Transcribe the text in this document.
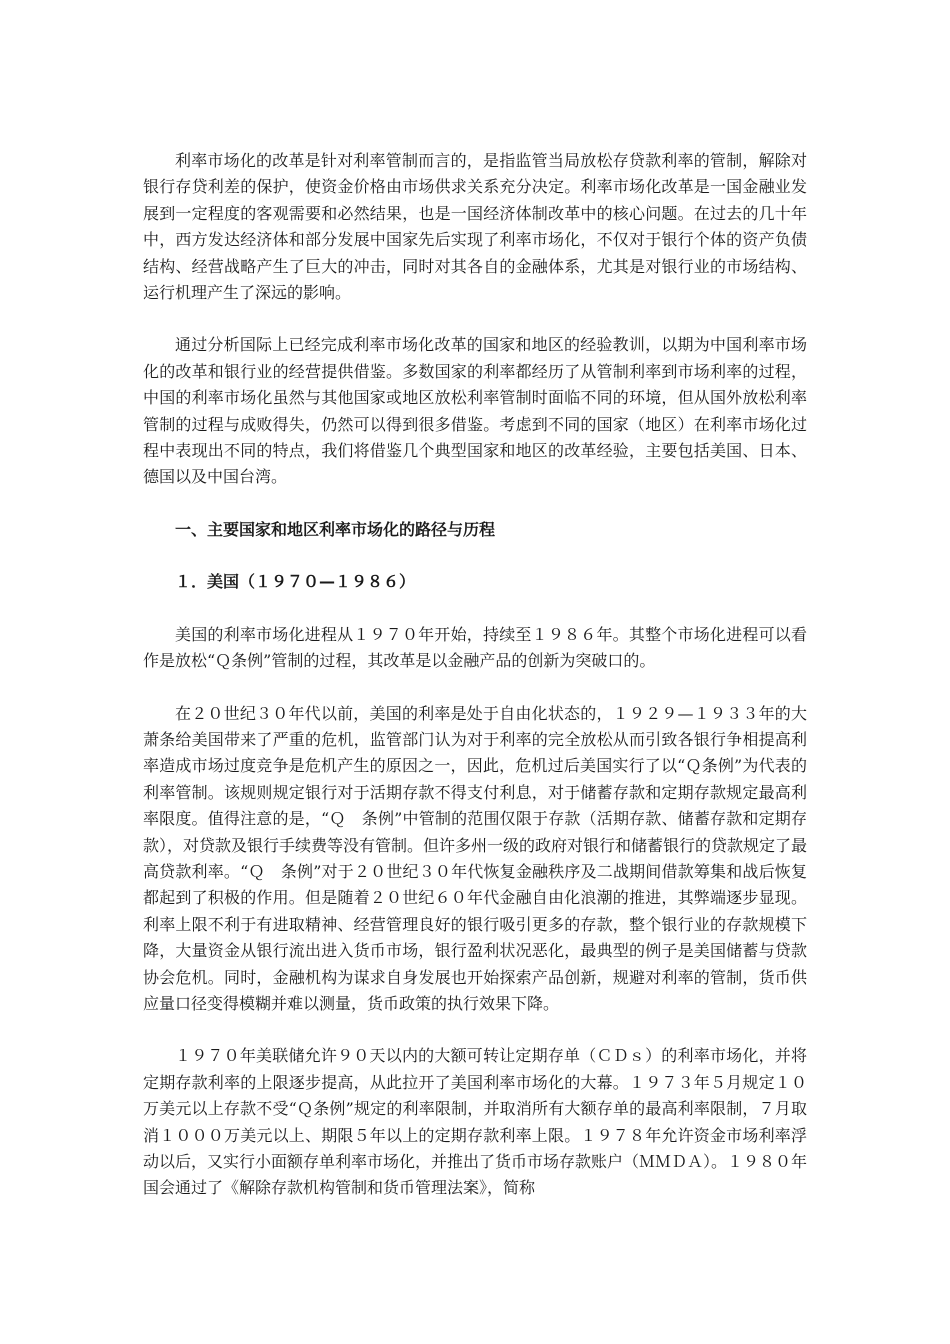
利率市场化的改革是针对利率管制而言的，是指监管当局放松存贷款利率的管制，解除对银行存贷利差的保护，使资金价格由市场供求关系充分决定。利率市场化改革是一国金融业发展到一定程度的客观需要和必然结果，也是一国经济体制改革中的核心问题。在过去的几十年中，西方发达经济体和部分发展中国家先后实现了利率市场化，不仅对于银行个体的资产负债结构、经营战略产生了巨大的冲击，同时对其各自的金融体系，尤其是对银行业的市场结构、运行机理产生了深远的影响。

通过分析国际上已经完成利率市场化改革的国家和地区的经验教训，以期为中国利率市场化的改革和银行业的经营提供借鉴。多数国家的利率都经历了从管制利率到市场利率的过程，中国的利率市场化虽然与其他国家或地区放松利率管制时面临不同的环境，但从国外放松利率管制的过程与成败得失，仍然可以得到很多借鉴。考虑到不同的国家（地区）在利率市场化过程中表现出不同的特点，我们将借鉴几个典型国家和地区的改革经验，主要包括美国、日本、德国以及中国台湾。

一、主要国家和地区利率市场化的路径与历程

１．美国（１９７０—１９８６）

美国的利率市场化进程从１９７０年开始，持续至１９８６年。其整个市场化进程可以看作是放松“Ｑ条例”管制的过程，其改革是以金融产品的创新为突破口的。

在２０世纪３０年代以前，美国的利率是处于自由化状态的，１９２９—１９３３年的大萧条给美国带来了严重的危机，监管部门认为对于利率的完全放松从而引致各银行争相提高利率造成市场过度竞争是危机产生的原因之一，因此，危机过后美国实行了以“Ｑ条例”为代表的利率管制。该规则规定银行对于活期存款不得支付利息，对于储蓄存款和定期存款规定最高利率限度。值得注意的是，“Ｑ　条例”中管制的范围仅限于存款（活期存款、储蓄存款和定期存款），对贷款及银行手续费等没有管制。但许多州一级的政府对银行和储蓄银行的贷款规定了最高贷款利率。“Ｑ　条例”对于２０世纪３０年代恢复金融秩序及二战期间借款筹集和战后恢复都起到了积极的作用。但是随着２０世纪６０年代金融自由化浪潮的推进，其弊端逐步显现。利率上限不利于有进取精神、经营管理良好的银行吸引更多的存款，整个银行业的存款规模下降，大量资金从银行流出进入货币市场，银行盈利状况恶化，最典型的例子是美国储蓄与贷款协会危机。同时，金融机构为谋求自身发展也开始探索产品创新，规避对利率的管制，货币供应量口径变得模糊并难以测量，货币政策的执行效果下降。

１９７０年美联储允许９０天以内的大额可转让定期存单（ＣＤｓ）的利率市场化，并将定期存款利率的上限逐步提高，从此拉开了美国利率市场化的大幕。１９７３年５月规定１０万美元以上存款不受“Ｑ条例”规定的利率限制，并取消所有大额存单的最高利率限制，７月取消１０００万美元以上、期限５年以上的定期存款利率上限。１９７８年允许资金市场利率浮动以后，又实行小面额存单利率市场化，并推出了货币市场存款账户（ＭＭＤＡ）。１９８０年国会通过了《解除存款机构管制和货币管理法案》，简称
